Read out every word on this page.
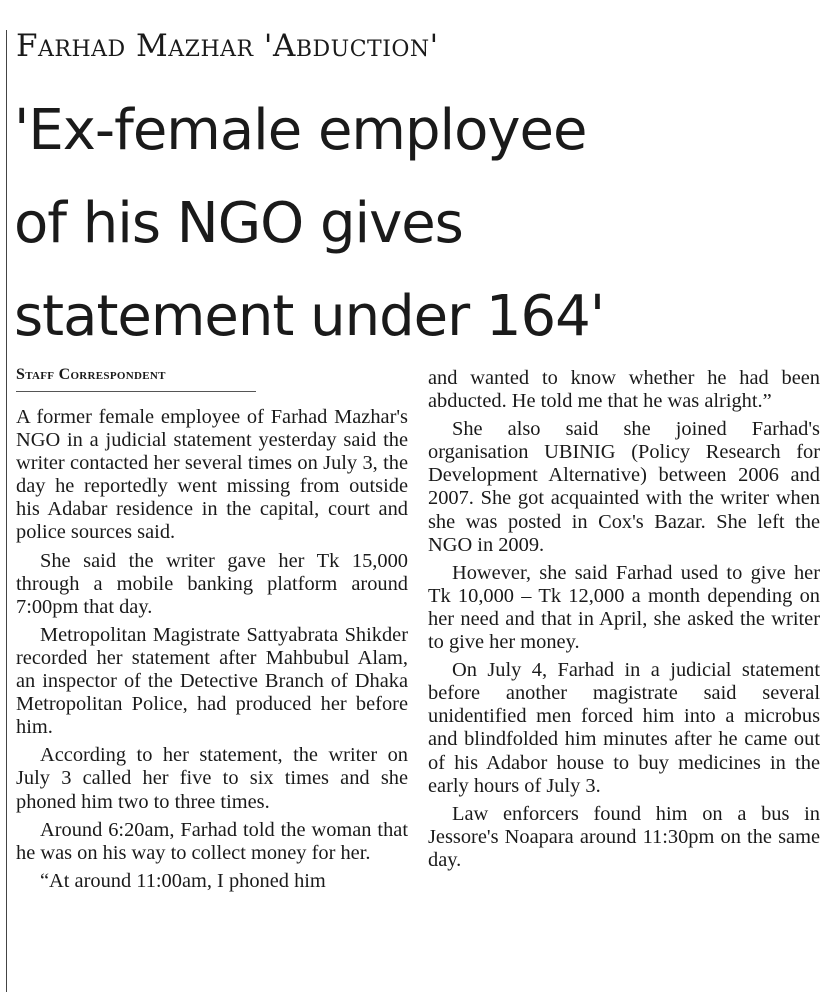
Farhad Mazhar 'Abduction'
'Ex-female employee
of his NGO gives
statement under 164'
Staff Correspondent

A former female employee of Farhad Mazhar's NGO in a judicial statement yesterday said the writer contacted her several times on July 3, the day he reportedly went missing from outside his Adabar residence in the capital, court and police sources said.

She said the writer gave her Tk 15,000 through a mobile banking platform around 7:00pm that day.

Metropolitan Magistrate Sattyabrata Shikder recorded her statement after Mahbubul Alam, an inspector of the Detective Branch of Dhaka Metropolitan Police, had produced her before him.

According to her statement, the writer on July 3 called her five to six times and she phoned him two to three times.

Around 6:20am, Farhad told the woman that he was on his way to collect money for her.

“At around 11:00am, I phoned him

and wanted to know whether he had been abducted. He told me that he was alright.”

She also said she joined Farhad's organisation UBINIG (Policy Research for Development Alternative) between 2006 and 2007. She got acquainted with the writer when she was posted in Cox's Bazar. She left the NGO in 2009.

However, she said Farhad used to give her Tk 10,000 – Tk 12,000 a month depending on her need and that in April, she asked the writer to give her money.

On July 4, Farhad in a judicial statement before another magistrate said several unidentified men forced him into a microbus and blindfolded him minutes after he came out of his Adabor house to buy medicines in the early hours of July 3.

Law enforcers found him on a bus in Jessore's Noapara around 11:30pm on the same day.
